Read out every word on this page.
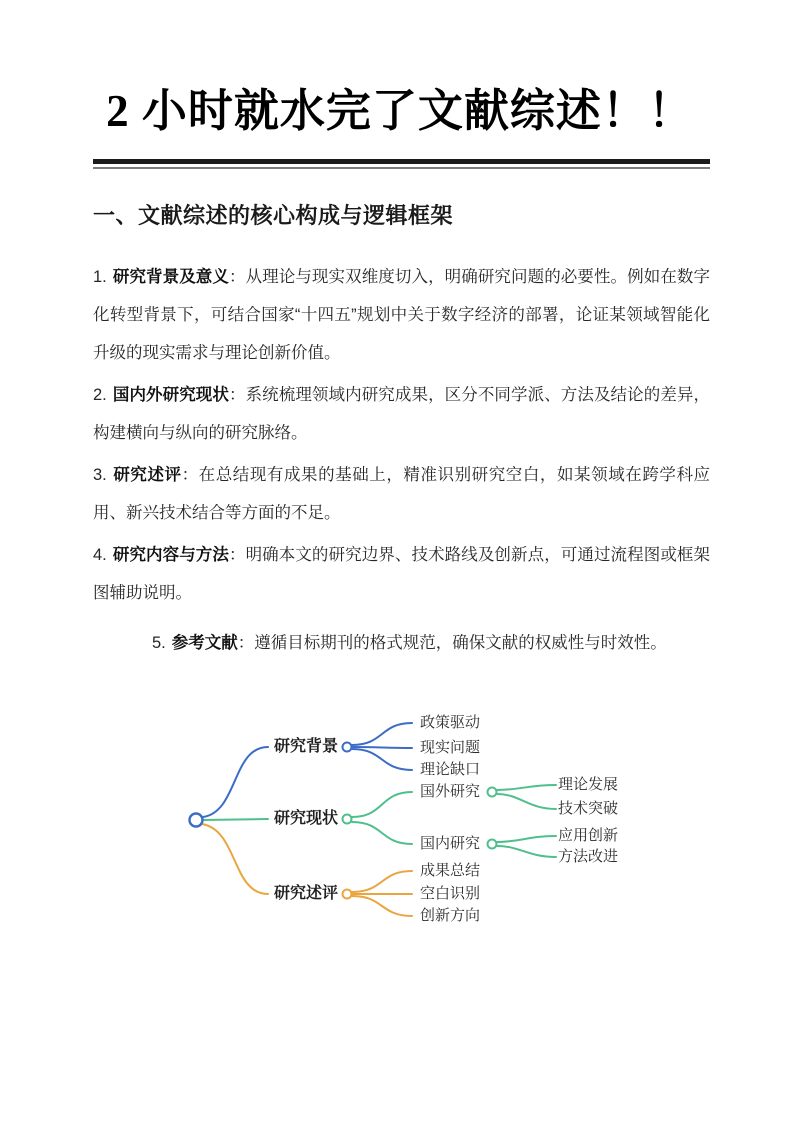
2 小时就水完了文献综述！！
一、文献综述的核心构成与逻辑框架
1. 研究背景及意义：从理论与现实双维度切入，明确研究问题的必要性。例如在数字化转型背景下，可结合国家“十四五”规划中关于数字经济的部署，论证某领域智能化升级的现实需求与理论创新价值。
2. 国内外研究现状：系统梳理领域内研究成果，区分不同学派、方法及结论的差异，构建横向与纵向的研究脉络。
3. 研究述评：在总结现有成果的基础上，精准识别研究空白，如某领域在跨学科应用、新兴技术结合等方面的不足。
4. 研究内容与方法：明确本文的研究边界、技术路线及创新点，可通过流程图或框架图辅助说明。
5. 参考文献：遵循目标期刊的格式规范，确保文献的权威性与时效性。
研究背景
政策驱动
现实问题
理论缺口
研究现状
国外研究	理论发展
技术突破
国内研究	应用创新
方法改进
研究述评
成果总结
空白识别
创新方向
